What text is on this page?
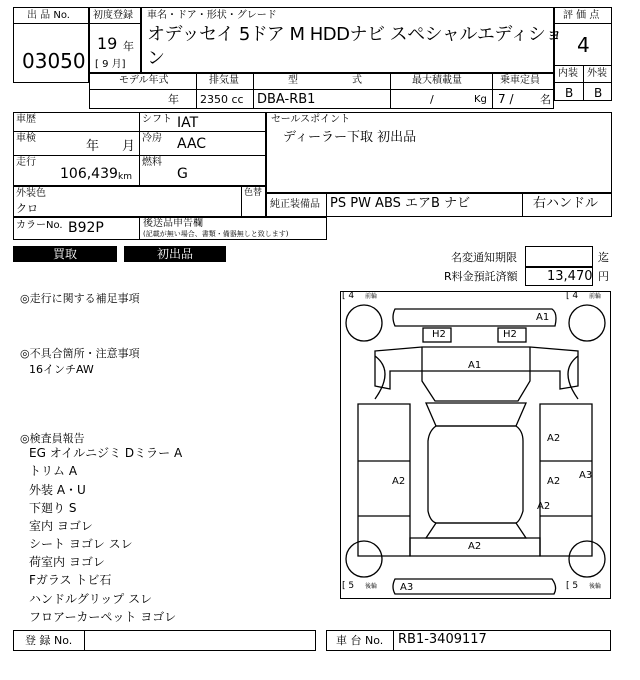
出 品 No.
03050
初度登録
19 年
[ 9 月]
車名・ドア・形状・グレード
オデッセイ 5ドア M HDDナビ スペシャルエディショ
ン
評 価 点
4
内装 外装
B B
モデル年式
年
排気量
2350 cc
型	式
DBA-RB1
最大積載量
/	Kg
乗車定員
7 / 名
車歴
車検
年 月
走行
106,439 km
シフト IAT
冷房 AAC
燃料
G
セールスポイント
ディーラー下取 初出品
外装色
クロ
色替
純正装備品 PS PW ABS エアB ナビ	右ハンドル
カラーNo. B92P	後送品申告欄
(記載が無い場合、書類・備器無しと致します)
買取	初出品	名変通知期限	迄
R料金預託済額 13,470 円
◎走行に関する補足事項
◎不具合箇所・注意事項
16インチAW
◎検査員報告
EG オイルニジミ Dミラー A
トリム A
外装 A・U
下廻り S
室内 ヨゴレ
シート ヨゴレ スレ
荷室内 ヨゴレ
Fガラス トビ石
ハンドルグリップ スレ
フロアーカーペット ヨゴレ
[ 4 前輪	[ 4 前輪
[ 5 後輪	[ 5 後輪
A1
H2	H2
A1
A2
A2
A2
A3
A2
A2
A3
登 録 No.	車 台 No. RB1-3409117
